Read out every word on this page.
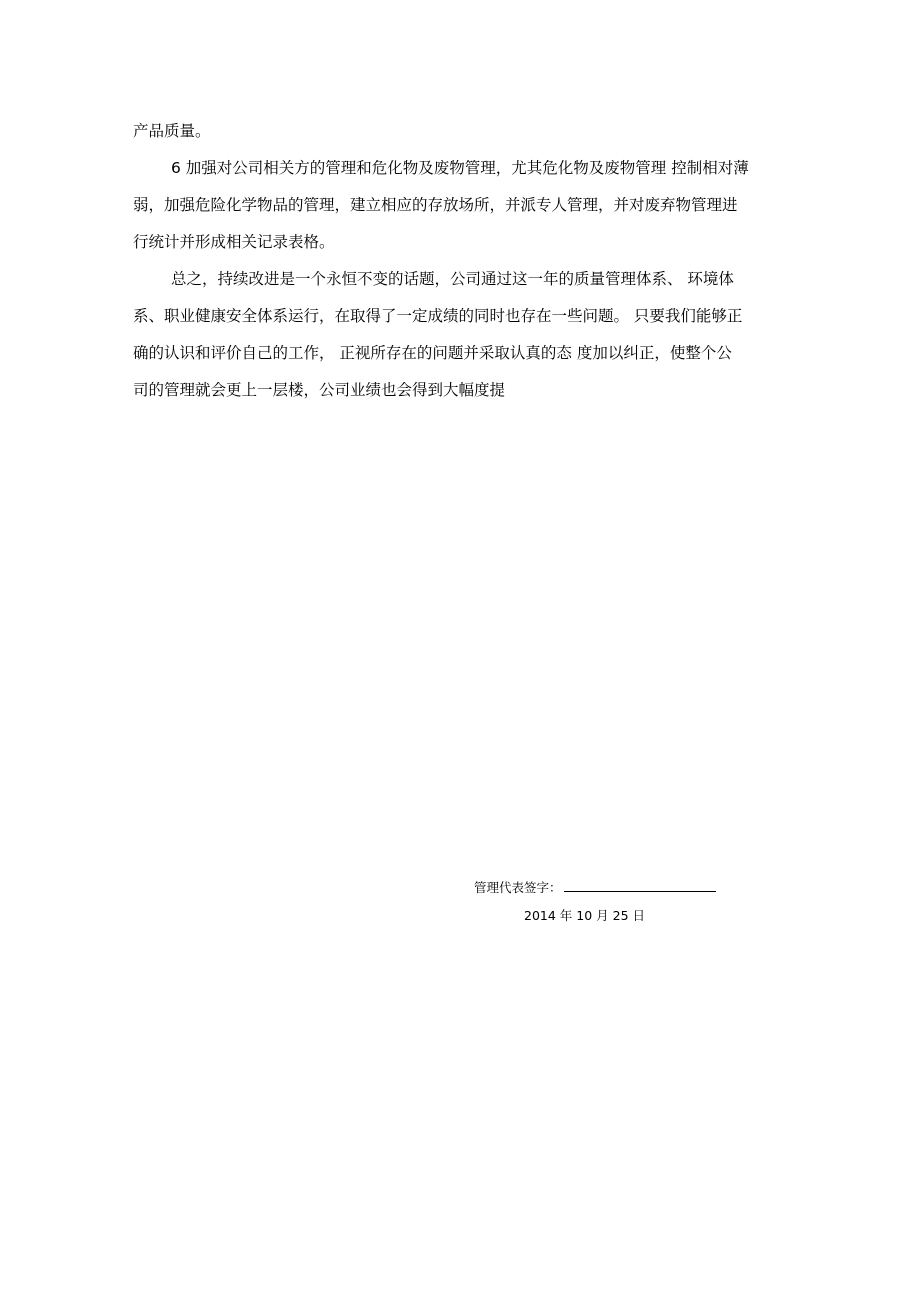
产品质量。
6 加强对公司相关方的管理和危化物及废物管理，尤其危化物及废物管理 控制相对薄
弱，加强危险化学物品的管理，建立相应的存放场所，并派专人管理，并对废弃物管理进
行统计并形成相关记录表格。
总之，持续改进是一个永恒不变的话题，公司通过这一年的质量管理体系、 环境体
系、职业健康安全体系运行，在取得了一定成绩的同时也存在一些问题。 只要我们能够正
确的认识和评价自己的工作， 正视所存在的问题并采取认真的态 度加以纠正，使整个公
司的管理就会更上一层楼，公司业绩也会得到大幅度提
管理代表签字：
2014 年 10 月 25 日
